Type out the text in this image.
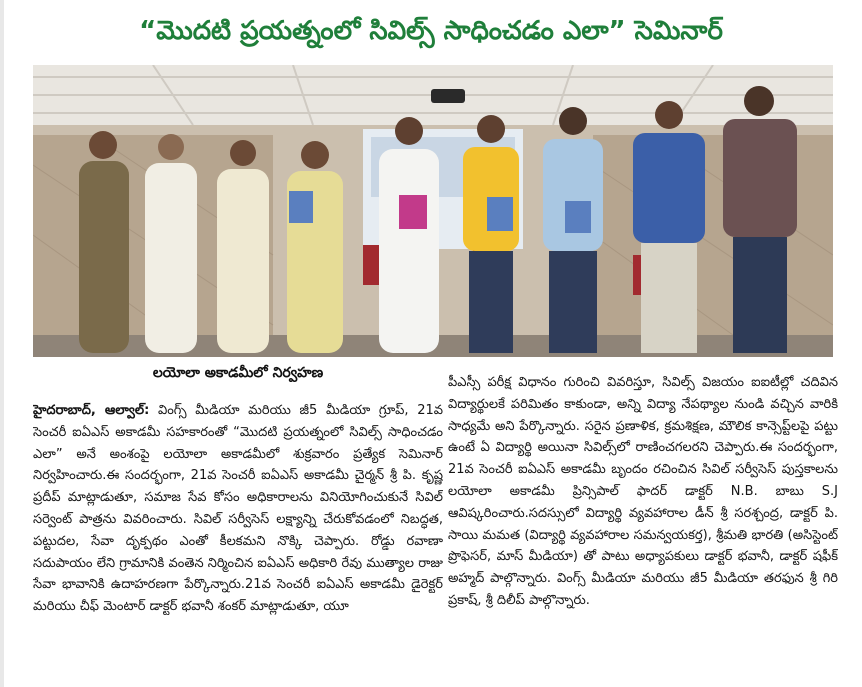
“మొదటి ప్రయత్నంలో సివిల్స్ సాధించడం ఎలా” సెమినార్
లయోలా అకాడమీలో నిర్వహణ

హైదరాబాద్, ఆల్వాల్: వింగ్స్ మీడియా మరియు జీ5 మీడియా గ్రూప్, 21వ సెంచరీ ఐఏఎస్ అకాడమీ సహకారంతో “మొదటి ప్రయత్నంలో సివిల్స్ సాధించడం ఎలా” అనే అంశంపై లయోలా అకాడమీలో శుక్రవారం ప్రత్యేక సెమినార్ నిర్వహించారు.ఈ సందర్భంగా, 21వ సెంచరీ ఐఏఎస్ అకాడమీ చైర్మన్ శ్రీ పి. కృష్ణ ప్రదీప్ మాట్లాడుతూ, సమాజ సేవ కోసం అధికారాలను వినియోగించుకునే సివిల్ సర్వెంట్ పాత్రను వివరించారు. సివిల్ సర్వీసెస్ లక్ష్యాన్ని చేరుకోవడంలో నిబద్ధత, పట్టుదల, సేవా దృక్పథం ఎంతో కీలకమని నొక్కి చెప్పారు. రోడ్డు రవాణా సదుపాయం లేని గ్రామానికి వంతెన నిర్మించిన ఐఏఎస్ అధికారి రేవు ముత్యాల రాజు సేవా భావానికి ఉదాహరణగా పేర్కొన్నారు.21వ సెంచరీ ఐఏఎస్ అకాడమీ డైరెక్టర్ మరియు చీఫ్ మెంటార్ డాక్టర్ భవానీ శంకర్ మాట్లాడుతూ, యూ

పీఎస్సీ పరీక్ష విధానం గురించి వివరిస్తూ, సివిల్స్ విజయం ఐఐటీల్లో చదివిన విద్యార్థులకే పరిమితం కాకుండా, అన్ని విద్యా నేపథ్యాల నుండి వచ్చిన వారికి సాధ్యమే అని పేర్కొన్నారు. సరైన ప్రణాళిక, క్రమశిక్షణ, మౌలిక కాన్సెప్ట్‌లపై పట్టు ఉంటే ఏ విద్యార్థి అయినా సివిల్స్‌లో రాణించగలరని చెప్పారు.ఈ సందర్భంగా, 21వ సెంచరీ ఐఏఎస్ అకాడమీ బృందం రచించిన సివిల్ సర్వీసెస్ పుస్తకాలను లయోలా అకాడమీ ప్రిన్సిపాల్ ఫాదర్ డాక్టర్ N.B. బాబు S.J ఆవిష్కరించారు.సదస్సులో విద్యార్థి వ్యవహారాల డీన్ శ్రీ సరశ్చంద్ర, డాక్టర్ పి. సాయి మమత (విద్యార్థి వ్యవహారాల సమన్వయకర్త), శ్రీమతి భారతి (అసిస్టెంట్ ప్రొఫెసర్, మాస్ మీడియా) తో పాటు అధ్యాపకులు డాక్టర్ భవానీ, డాక్టర్ షఫీక్ అహ్మద్ పాల్గొన్నారు. వింగ్స్ మీడియా మరియు జీ5 మీడియా తరఫున శ్రీ గిరి ప్రకాష్, శ్రీ దిలీప్ పాల్గొన్నారు.
